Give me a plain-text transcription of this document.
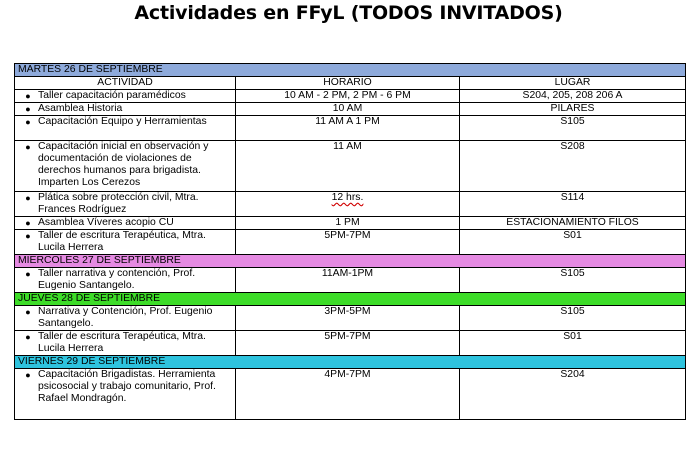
Actividades en FFyL (TODOS INVITADOS)
MARTES 26 DE SEPTIEMBRE		
ACTIVIDAD	HORARIO	LUGAR

● Taller capacitación paramédicos	10 AM - 2 PM, 2 PM - 6 PM	S204, 205, 208 206 A

● Asamblea Historia	10 AM	PILARES

● Capacitación Equipo y Herramientas	11 AM A 1 PM	S105

● Capacitación inicial en observación y documentación de violaciones de derechos humanos para brigadista. Imparten Los Cerezos	11 AM	S208

● Plática sobre protección civil, Mtra. Frances Rodríguez	12 hrs.	S114

● Asamblea Víveres acopio CU	1 PM	ESTACIONAMIENTO FILOS

● Taller de escritura Terapéutica, Mtra. Lucila Herrera	5PM-7PM	S01
MIERCOLES 27 DE SEPTIEMBRE		

● Taller narrativa y contención, Prof. Eugenio Santangelo.	11AM-1PM	S105
JUEVES 28 DE SEPTIEMBRE		

● Narrativa y Contención, Prof. Eugenio Santangelo.	3PM-5PM	S105

● Taller de escritura Terapéutica, Mtra. Lucila Herrera	5PM-7PM	S01
VIERNES 29 DE SEPTIEMBRE		

● Capacitación Brigadistas. Herramienta psicosocial y trabajo comunitario, Prof. Rafael Mondragón.	4PM-7PM	S204
